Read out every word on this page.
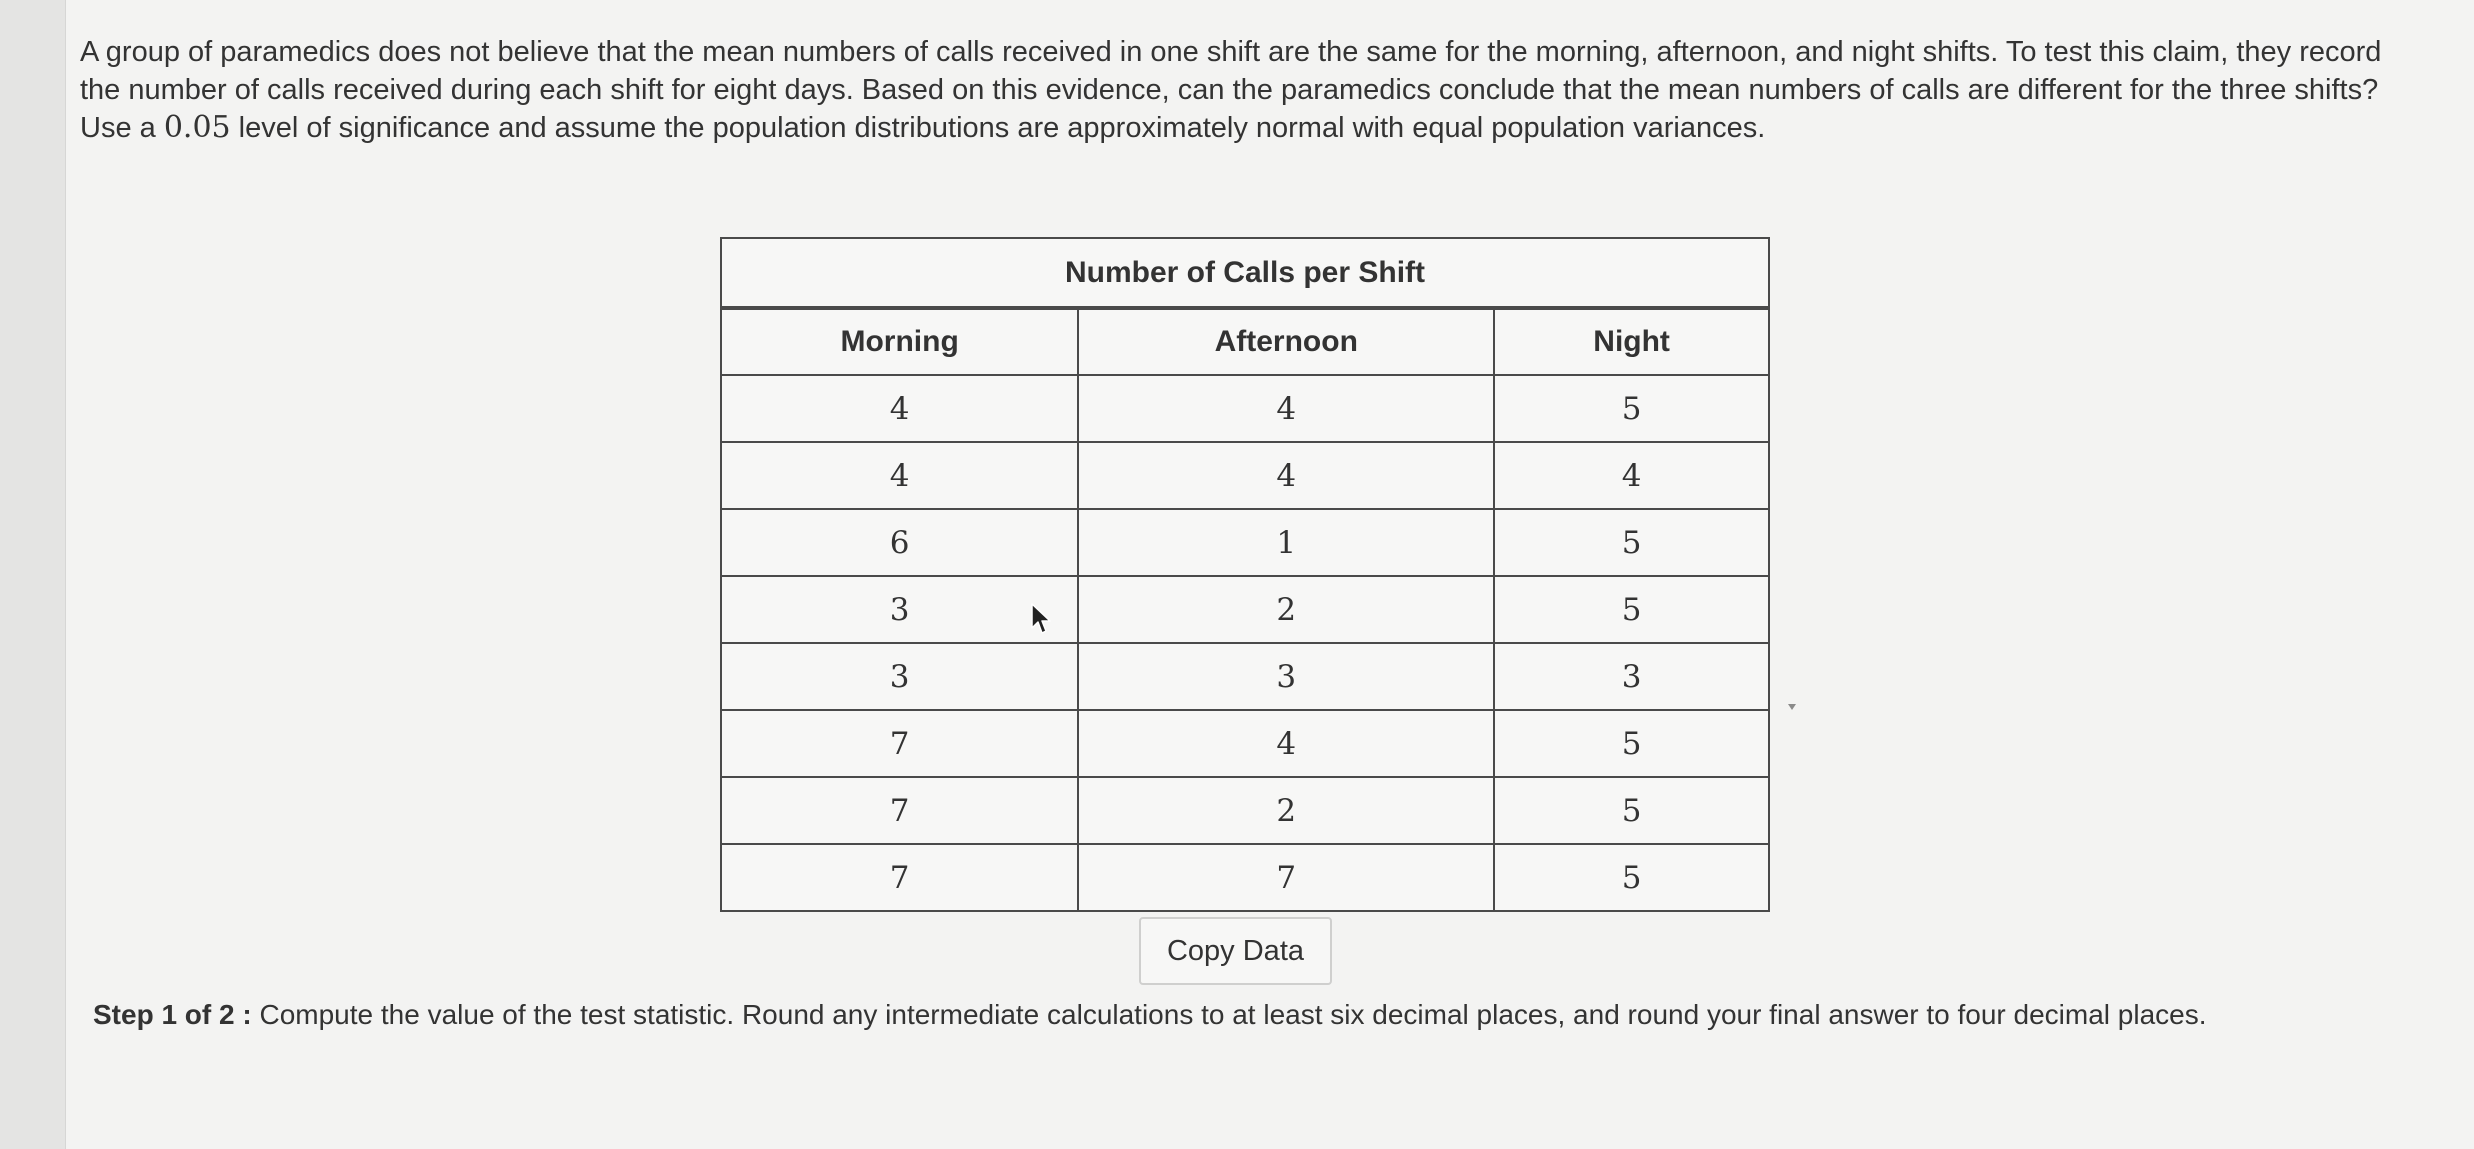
A group of paramedics does not believe that the mean numbers of calls received in one shift are the same for the morning, afternoon, and night shifts. To test this claim, they record the number of calls received during each shift for eight days. Based on this evidence, can the paramedics conclude that the mean numbers of calls are different for the three shifts? Use a 0.05 level of significance and assume the population distributions are approximately normal with equal population variances.
Number of Calls per Shift		
Morning	Afternoon	Night
4	4	5
4	4	4
6	1	5
3	2	5
3	3	3
7	4	5
7	2	5
7	7	5
Copy Data
Step 1 of 2 : Compute the value of the test statistic. Round any intermediate calculations to at least six decimal places, and round your final answer to four decimal places.
